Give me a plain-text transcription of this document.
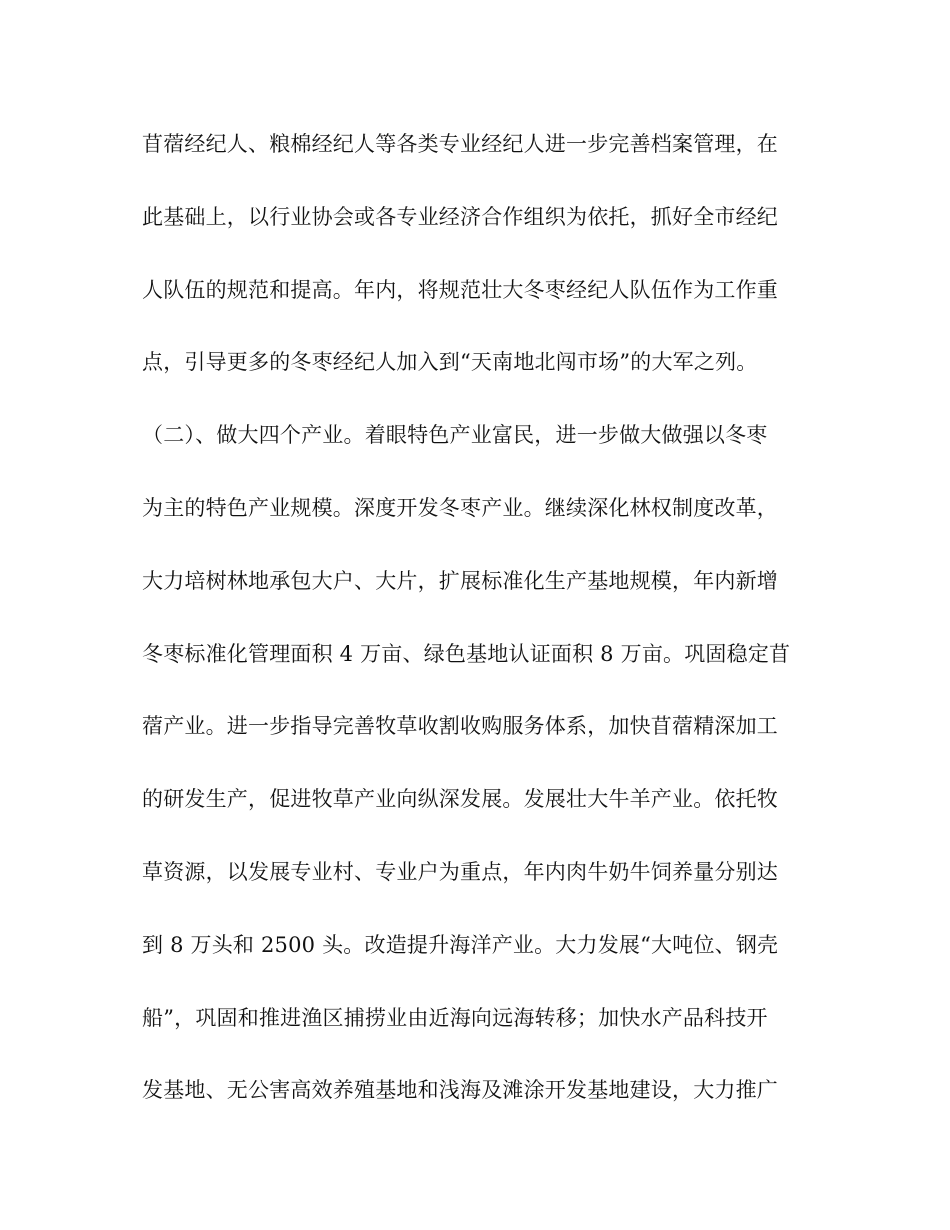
苜蓿经纪人、粮棉经纪人等各类专业经纪人进一步完善档案管理，在
此基础上，以行业协会或各专业经济合作组织为依托，抓好全市经纪
人队伍的规范和提高。年内，将规范壮大冬枣经纪人队伍作为工作重
点，引导更多的冬枣经纪人加入到“天南地北闯市场”的大军之列。
（二）、做大四个产业。着眼特色产业富民，进一步做大做强以冬枣
为主的特色产业规模。深度开发冬枣产业。继续深化林权制度改革，
大力培树林地承包大户、大片，扩展标准化生产基地规模，年内新增
冬枣标准化管理面积 4 万亩、绿色基地认证面积 8 万亩。巩固稳定苜
蓿产业。进一步指导完善牧草收割收购服务体系，加快苜蓿精深加工
的研发生产，促进牧草产业向纵深发展。发展壮大牛羊产业。依托牧
草资源，以发展专业村、专业户为重点，年内肉牛奶牛饲养量分别达
到 8 万头和 2500 头。改造提升海洋产业。大力发展“大吨位、钢壳
船”，巩固和推进渔区捕捞业由近海向远海转移；加快水产品科技开
发基地、无公害高效养殖基地和浅海及滩涂开发基地建设，大力推广
